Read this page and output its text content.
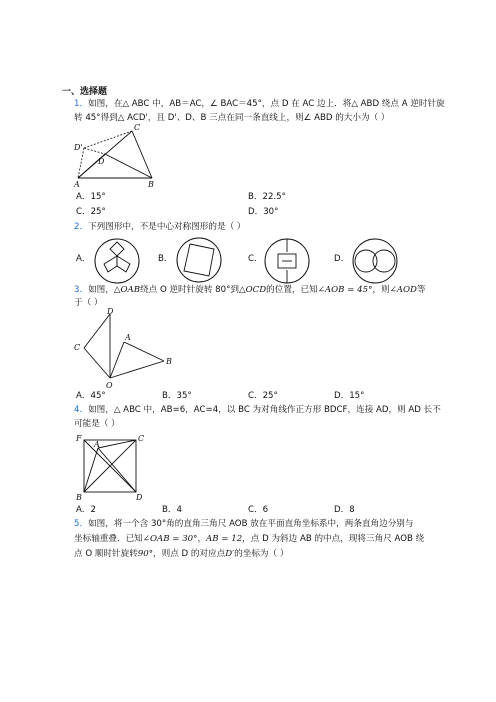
一、选择题
1．如图，在△ ABC 中，AB＝AC，∠ BAC＝45°，点 D 在 AC 边上．将△ ABD 绕点 A 逆时针旋
转 45°得到△ ACD'，且 D'、D、B 三点在同一条直线上，则∠ ABD 的大小为（ ）
C
D'
D
A	B
A．15°	B．22.5°
C．25°	D．30°
2．下列图形中，不是中心对称图形的是（ ）
A．	B．	C．	D．
3．如图，△OAB绕点 O 逆时针旋转 80°到△OCD的位置，已知∠AOB = 45°，则∠AOD等
于（ ）
D
C
A
B
O
A．45°	B．35°	C．25°	D．15°
4．如图，△ ABC 中，AB=6，AC=4，以 BC 为对角线作正方形 BDCF，连接 AD，则 AD 长不
可能是（ ）
F	C
A
B	D
A．2	B．4	C．6	D．8
5．如图，将一个含 30°角的直角三角尺 AOB 放在平面直角坐标系中，两条直角边分别与
坐标轴重叠．已知∠OAB = 30°，AB = 12，点 D 为斜边 AB 的中点，现将三角尺 AOB 绕
点 O 顺时针旋转90°，则点 D 的对应点D′的坐标为（ ）
